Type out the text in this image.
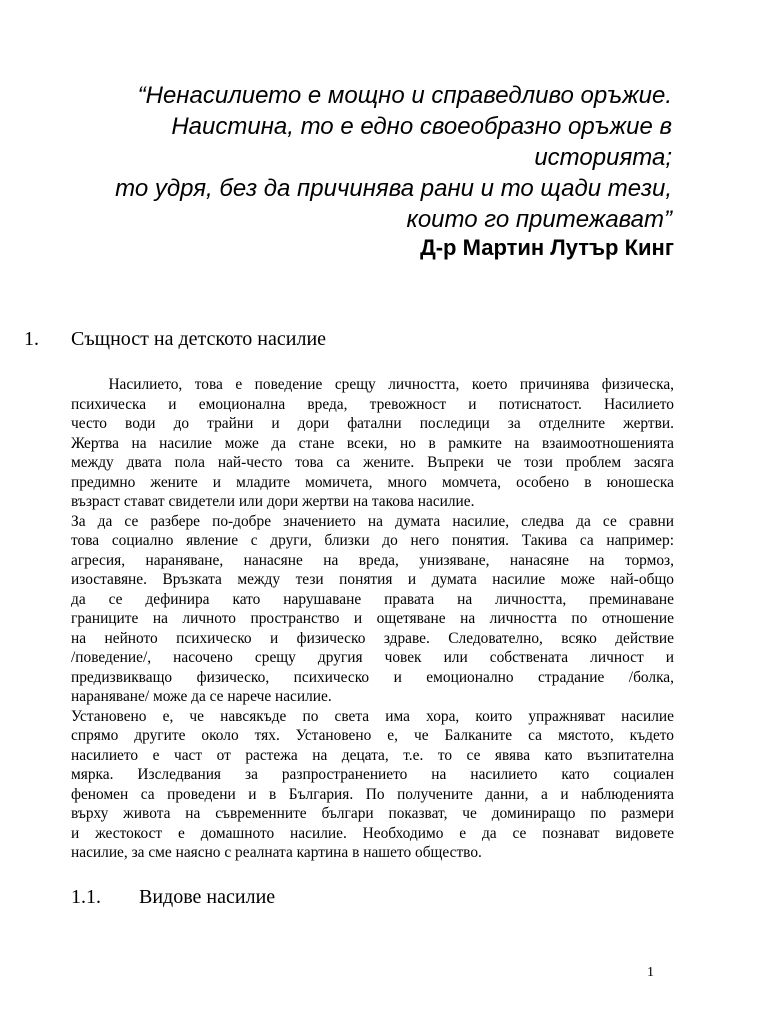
“Ненасилието е мощно и справедливо оръжие.
Наистина, то е едно своеобразно оръжие в
историята;
то удря, без да причинява рани и то щади тези,
които го притежават”
Д-р Мартин Лутър Кинг
1. Същност на детското насилие
Насилието, това е поведение срещу личността, което причинява физическа,
психическа и емоционална вреда, тревожност и потиснатост. Насилието
често води до трайни и дори фатални последици за отделните жертви.
Жертва на насилие може да стане всеки, но в рамките на взаимоотношенията
между двата пола най-често това са жените. Въпреки че този проблем засяга
предимно жените и младите момичета, много момчета, особено в юношеска
възраст стават свидетели или дори жертви на такова насилие.
За да се разбере по-добре значението на думата насилие, следва да се сравни
това социално явление с други, близки до него понятия. Такива са например:
агресия, нараняване, нанасяне на вреда, унизяване, нанасяне на тормоз,
изоставяне. Връзката между тези понятия и думата насилие може най-общо
да се дефинира като нарушаване правата на личността, преминаване
границите на личното пространство и ощетяване на личността по отношение
на нейното психическо и физическо здраве. Следователно, всяко действие
/поведение/, насочено срещу другия човек или собствената личност и
предизвикващо физическо, психическо и емоционално страдание /болка,
нараняване/ може да се нарече насилие.
Установено е, че навсякъде по света има хора, които упражняват насилие
спрямо другите около тях. Установено е, че Балканите са мястото, където
насилието е част от растежа на децата, т.е. то се явява като възпитателна
мярка. Изследвания за разпространението на насилието като социален
феномен са проведени и в България. По получените данни, а и наблюденията
върху живота на съвременните българи показват, че доминиращо по размери
и жестокост е домашното насилие. Необходимо е да се познават видовете
насилие, за сме наясно с реалната картина в нашето общество.
1.1. Видове насилие
1
